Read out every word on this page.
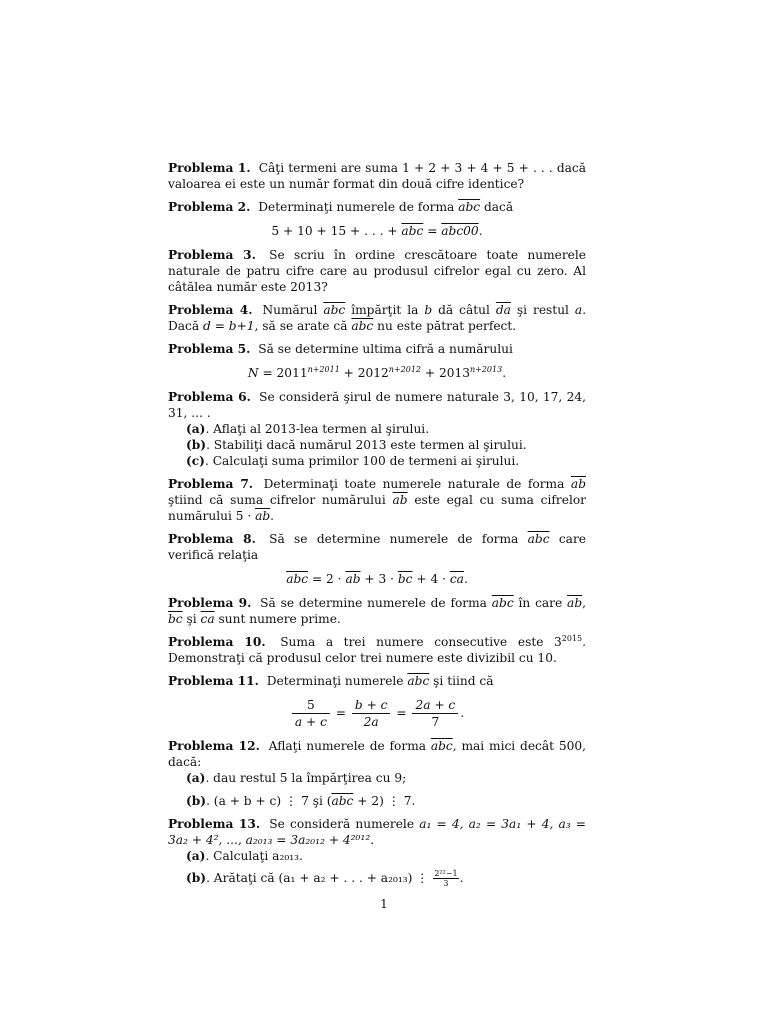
Problema 1. Câţi termeni are suma 1 + 2 + 3 + 4 + 5 + . . . dacă valoarea ei este un număr format din două cifre identice?

Problema 2. Determinaţi numerele de forma $\overline{abc}$ dacă
5 + 10 + 15 + . . . + $\overline{abc} = abc00$.

Problema 3. Se scriu în ordine crescătoare toate numerele naturale de patru cifre care au produsul cifrelor egal cu zero. Al câtălea număr este 2013?

Problema 4. Numărul $\overline{abc}$ împărţit la b dă câtul $\overline{da}$ şi restul a. Dacă d = b+1, să se arate că $\overline{abc}$ nu este pătrat perfect.

Problema 5. Să se determine ultima cifră a numărului
$N = 2011^{n+2011} + 2012^{n+2012} + 2013^{n+2013}$.
Problema 6. Se consideră şirul de numere naturale 3, 10, 17, 24, 31, ... .
(a). Aflaţi al 2013-lea termen al şirului.
(b). Stabiliţi dacă numărul 2013 este termen al şirului.
(c). Calculaţi suma primilor 100 de termeni ai şirului.

Problema 7. Determinaţi toate numerele naturale de forma $\overline{ab}$ ştiind că suma cifrelor numărului $\overline{ab}$ este egal cu suma cifrelor numărului $5 \cdot \overline{ab}$.

Problema 8. Să se determine numerele de forma $\overline{abc}$ care verifică relaţia
$\overline{abc} = 2 \cdot \overline{ab} + 3 \cdot \overline{bc} + 4 \cdot \overline{ca}$.

Problema 9. Să se determine numerele de forma $\overline{abc}$ în care $\overline{ab}$, $\overline{bc}$ şi $\overline{ca}$ sunt numere prime.

Problema 10. Suma a trei numere consecutive este $3^{2015}$. Demonstraţi că produsul celor trei numere este divizibil cu 10.

Problema 11. Determinaţi numerele $\overline{abc}$ şi tiind că
$\frac{5}{a + c} = \frac{b + c}{2a} = \frac{2a + c}{7}$ .
Problema 12. Aflaţi numerele de forma $\overline{abc}$, mai mici decât 500, dacă:
(a). dau restul 5 la împărţirea cu 9;
(b). (a + b + c) ⋮ 7 şi $(\overline{abc} + 2)$ ⋮ 7.
Problema 13. Se consideră numerele a₁ = 4, a₂ = 3a₁ + 4, a₃ = 3a₂ + 4², ..., a₂₀₁₃ = 3a₂₀₁₂ + 4²⁰¹².
(a). Calculaţi a₂₀₁₃.
(b). Arătaţi că (a₁ + a₂ + . . . + a₂₀₁₃) ⋮ $\frac{\text{2²²−1}}{3}$ .
1
